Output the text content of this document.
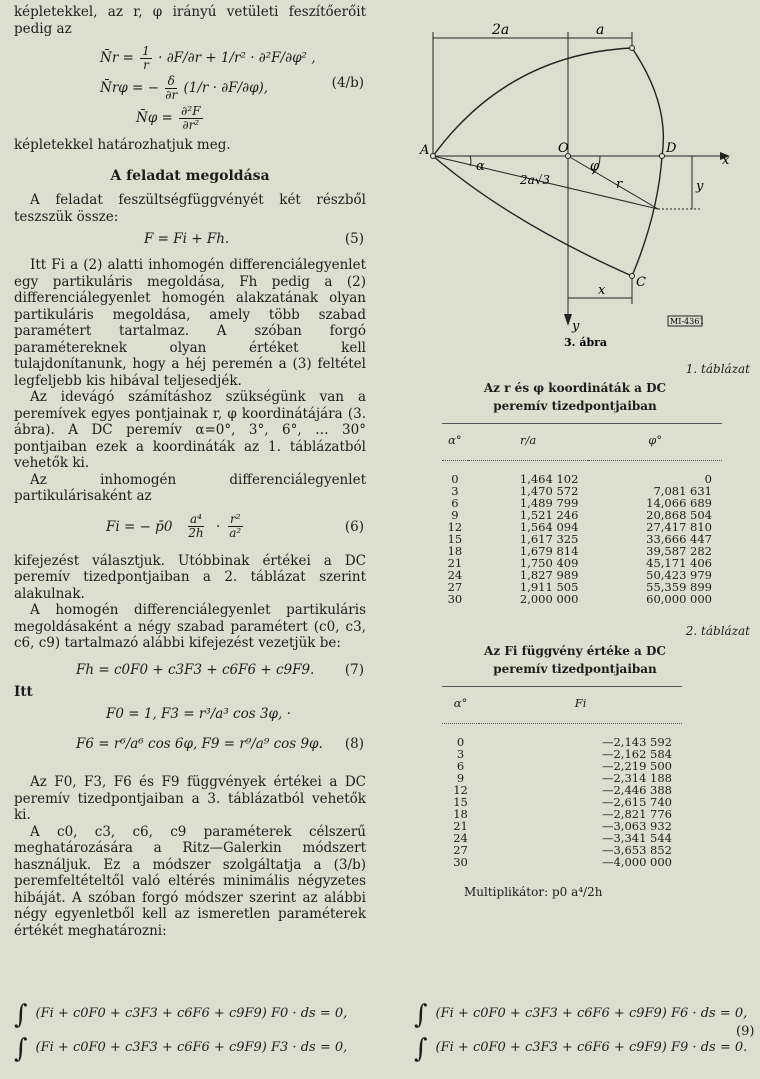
képletekkel, az r, φ irányú vetületi feszítőerőit pedig az

N̄r = $\frac{1}{r} \cdot \partial F/\partial r + 1/r^2 \cdot \partial^2F/\partial\varphi^2$ ,
N̄rφ = − $\frac{\delta}{\partial r} (1/r \cdot \partial F/\partial\varphi)$,
N̄φ = $\frac{\text{∂²F}}{\text{∂r²}}$
(4/b)

képletekkel határozhatjuk meg.

A feladat megoldása

A feladat feszültségfüggvényét két részből teszszük össze:

F = Fi + Fh.	(5)

Itt Fi a (2) alatti inhomogén differenciálegyenlet egy partikuláris megoldása, Fh pedig a (2) differenciálegyenlet homogén alakzatának olyan partikuláris megoldása, amely több szabad paramétert tartalmaz. A szóban forgó paramétereknek olyan értéket kell tulajdonítanunk, hogy a héj peremén a (3) feltétel legfeljebb kis hibával teljesedjék.

Az idevágó számításhoz szükségünk van a peremívek egyes pontjainak r, φ koordinátájára (3. ábra). A DC peremív α=0°, 3°, 6°, … 30° pontjaiban ezek a koordináták az 1. táblázatból vehetők ki.

Az inhomogén differenciálegyenlet partikulárisaként az

Fi = − p̄0 $\frac{\text{a⁴}}{2h} \cdot \frac{\text{r²}}{\text{a²}}$	(6)

kifejezést választjuk. Utóbbinak értékei a DC peremív tizedpontjaiban a 2. táblázat szerint alakulnak.

A homogén differenciálegyenlet partikuláris megoldásaként a négy szabad paramétert (c0, c3, c6, c9) tartalmazó alábbi kifejezést vezetjük be:

Fh = c0F0 + c3F3 + c6F6 + c9F9. (7)
Itt
F0 = 1, F3 = r³/a³ cos 3φ, ·
F6 = r⁶/a⁶ cos 6φ, F9 = r⁹/a⁹ cos 9φ. (8)

Az F0, F3, F6 és F9 függvények értékei a DC peremív tizedpontjaiban a 3. táblázatból vehetők ki.

A c0, c3, c6, c9 paraméterek célszerű meghatározására a Ritz—Galerkin módszert használjuk. Ez a módszer szolgáltatja a (3/b) peremfeltételtől való eltérés minimális négyzetes hibáját. A szóban forgó módszer szerint az alábbi négy egyenletből kell az ismeretlen paraméterek értékét meghatározni:

2a	a
A	O	D
C
x
y
α
2a√3
φ
r
x
y
MI-4361
3. ábra
1. táblázat
Az r és φ koordináták a DC
peremív tizedpontjaiban
α°	r/a	φ°
0	1,464 102	0
3	1,470 572	7,081 631
6	1,489 799	14,066 689
9	1,521 246	20,868 504
12	1,564 094	27,417 810
15	1,617 325	33,666 447
18	1,679 814	39,587 282
21	1,750 409	45,171 406
24	1,827 989	50,423 979
27	1,911 505	55,359 899
30	2,000 000	60,000 000
2. táblázat
Az Fi függvény értéke a DC
peremív tizedpontjaiban
α°	Fi
0	—2,143 592
3	—2,162 584
6	—2,219 500
9	—2,314 188
12	—2,446 388
15	—2,615 740
18	—2,821 776
21	—3,063 932
24	—3,341 544
27	—3,653 852
30	—4,000 000
Multiplikátor: p0 a⁴/2h
∫ (Fi + c0F0 + c3F3 + c6F6 + c9F9) F0 · ds = 0,
∫ (Fi + c0F0 + c3F3 + c6F6 + c9F9) F3 · ds = 0,
∫ (Fi + c0F0 + c3F3 + c6F6 + c9F9) F6 · ds = 0,
∫ (Fi + c0F0 + c3F3 + c6F6 + c9F9) F9 · ds = 0.
(9)
